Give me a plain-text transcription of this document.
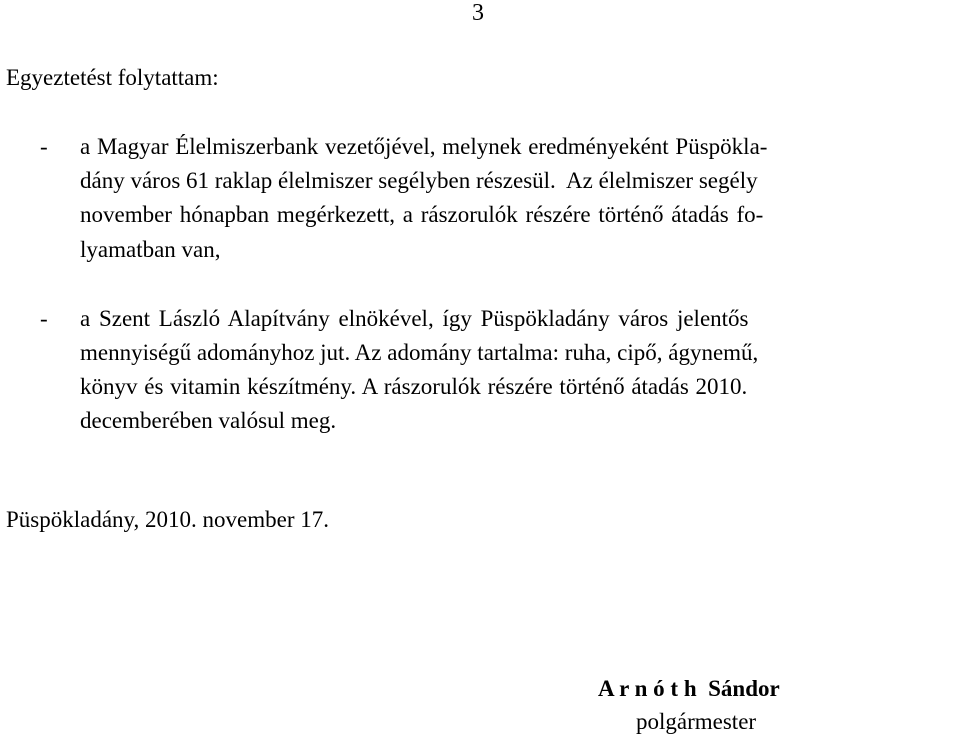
3
Egyeztetést folytattam:
- a Magyar Élelmiszerbank vezetőjével, melynek eredményeként Püspökla-
dány város 61 raklap élelmiszer segélyben részesül.  Az élelmiszer segély
november hónapban megérkezett, a rászorulók részére történő átadás fo-
lyamatban van,
- a Szent László Alapítvány elnökével, így Püspökladány város jelentős
mennyiségű adományhoz jut. Az adomány tartalma: ruha, cipő, ágynemű,
könyv és vitamin készítmény. A rászorulók részére történő átadás 2010.
decemberében valósul meg.
Püspökladány, 2010. november 17.
A r n ó t h  Sándor
polgármester
